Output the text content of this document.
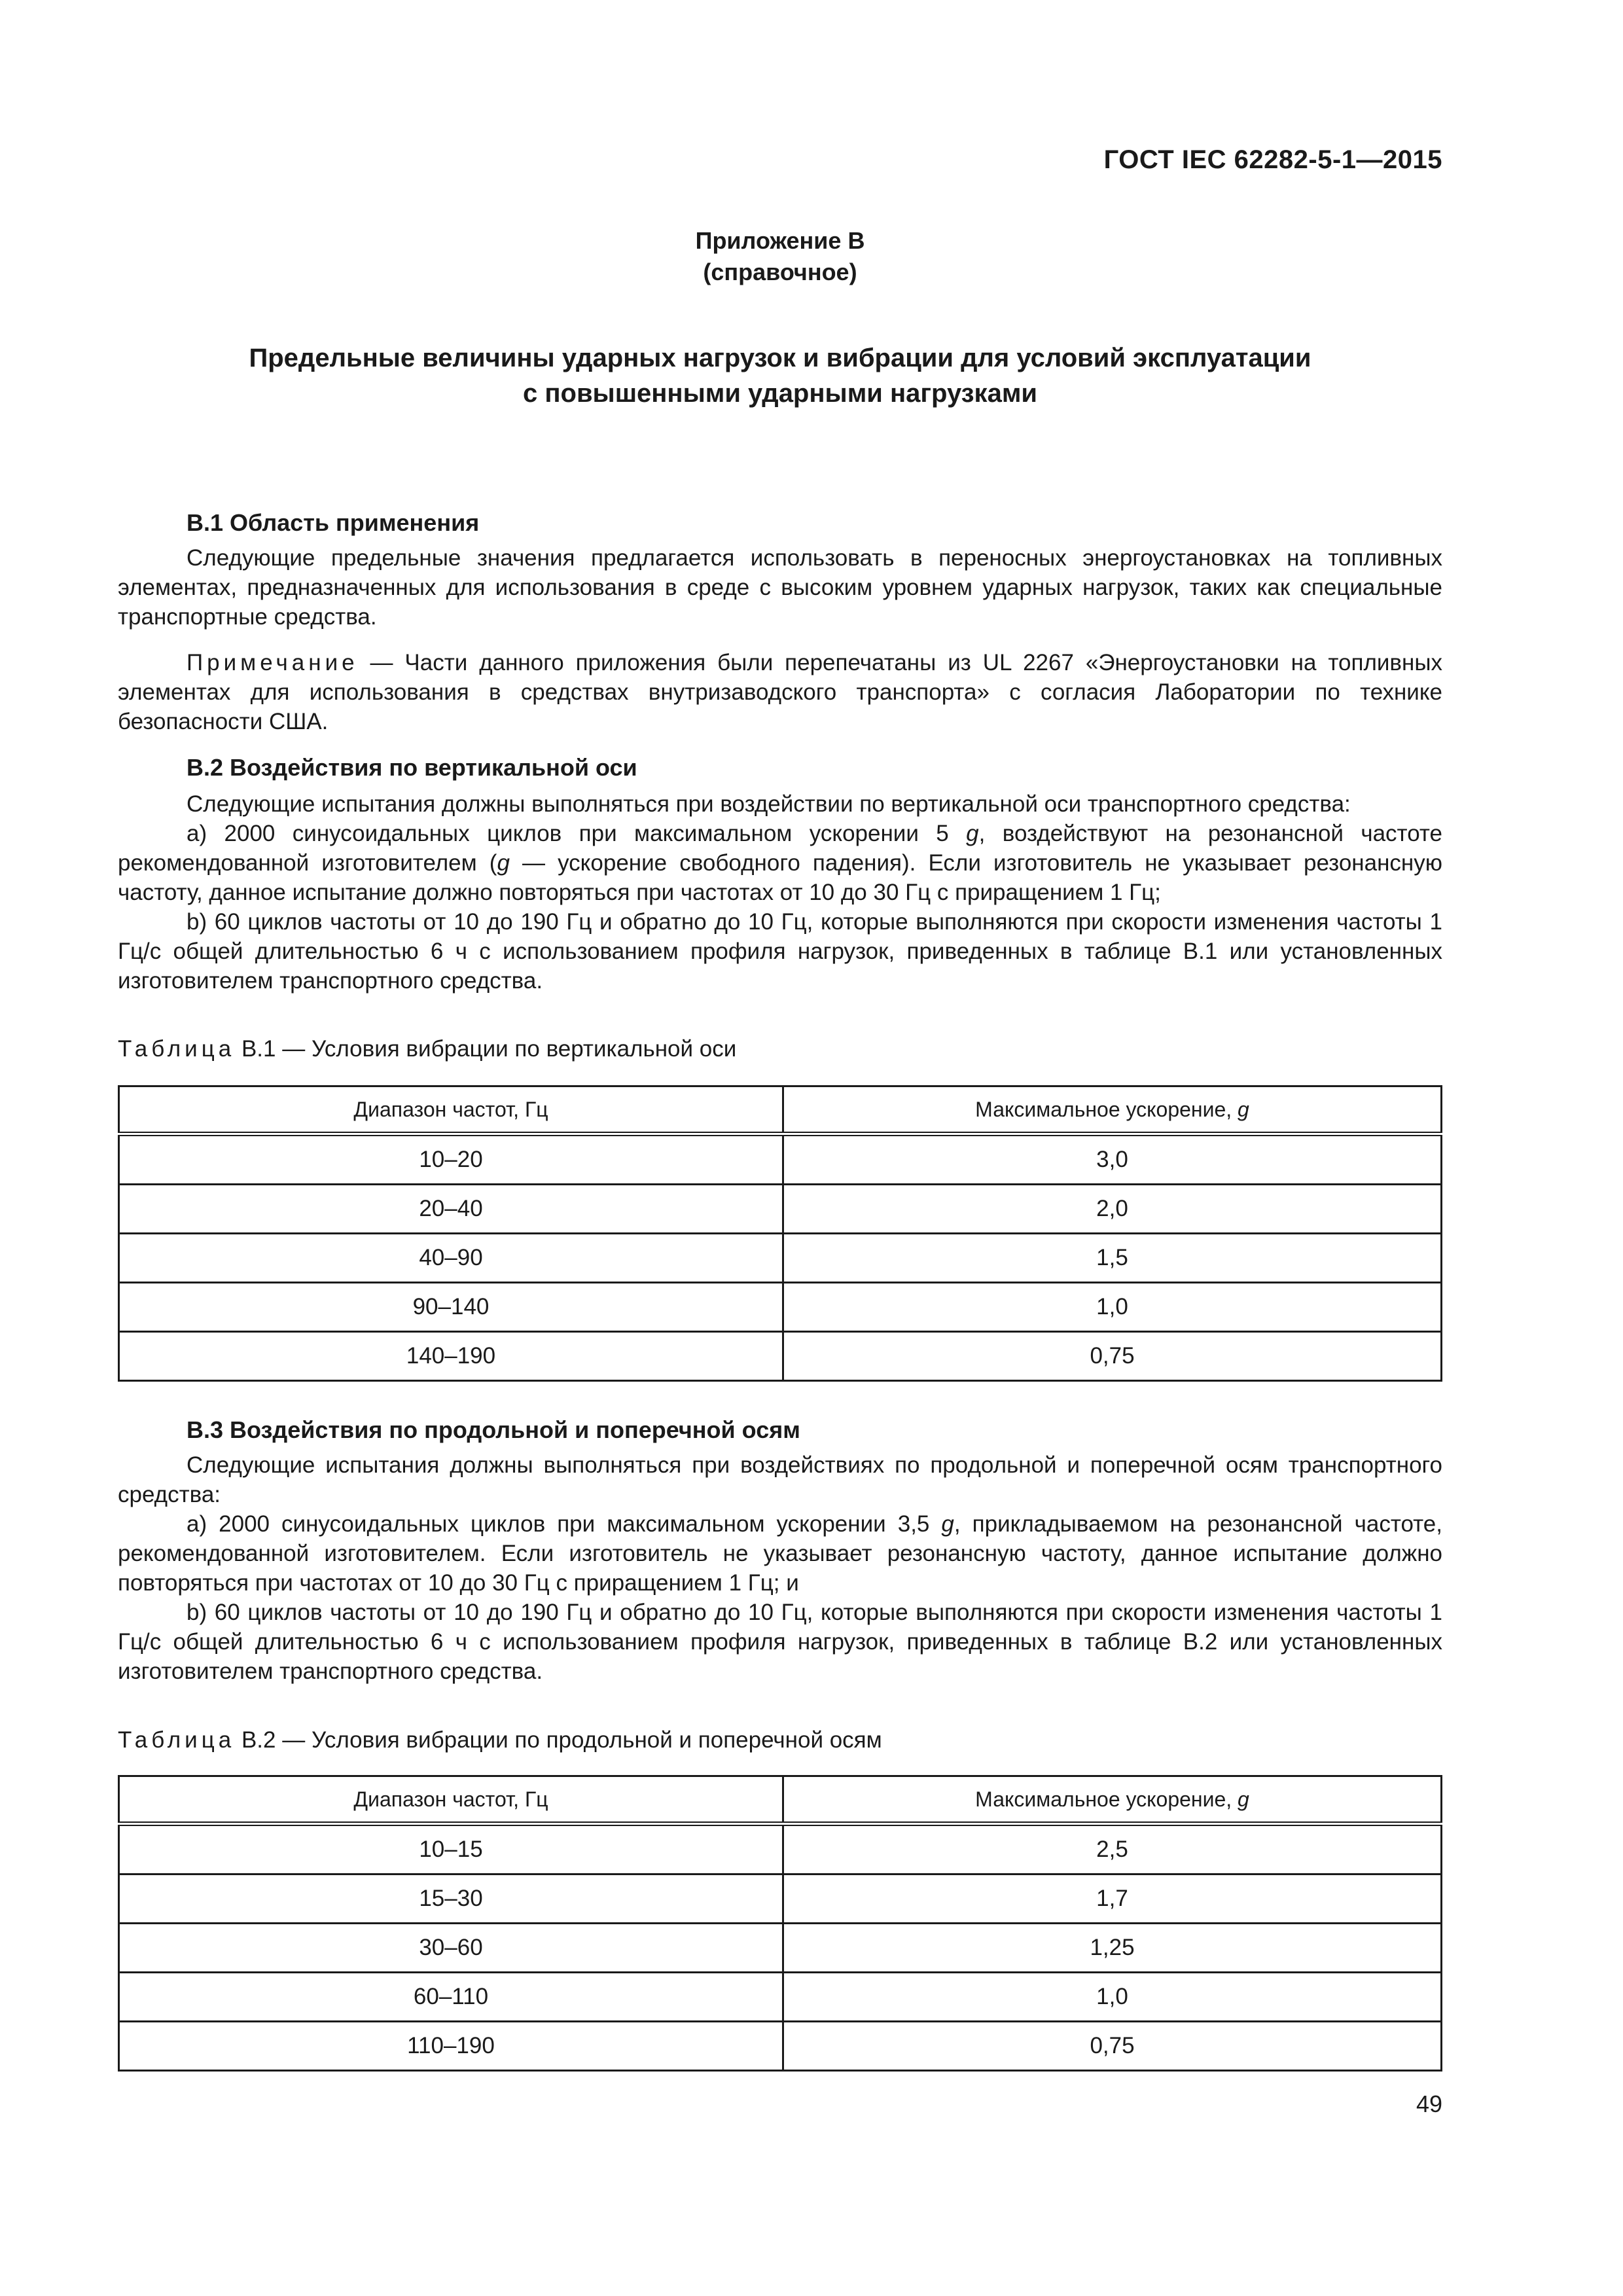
ГОСТ IEC 62282-5-1—2015
Приложение В
(справочное)
Предельные величины ударных нагрузок и вибрации для условий эксплуатации
с повышенными ударными нагрузками
В.1 Область применения
Следующие предельные значения предлагается использовать в переносных энергоустановках на топливных элементах, предназначенных для использования в среде с высоким уровнем ударных нагрузок, таких как специальные транспортные средства.
Примечание — Части данного приложения были перепечатаны из UL 2267 «Энергоустановки на топливных элементах для использования в средствах внутризаводского транспорта» с согласия Лаборатории по технике безопасности США.
В.2 Воздействия по вертикальной оси
Следующие испытания должны выполняться при воздействии по вертикальной оси транспортного средства:
a) 2000 синусоидальных циклов при максимальном ускорении 5 g, воздействуют на резонансной частоте рекомендованной изготовителем (g — ускорение свободного падения). Если изготовитель не указывает резонансную частоту, данное испытание должно повторяться при частотах от 10 до 30 Гц с приращением 1 Гц;
b) 60 циклов частоты от 10 до 190 Гц и обратно до 10 Гц, которые выполняются при скорости изменения частоты 1 Гц/с общей длительностью 6 ч с использованием профиля нагрузок, приведенных в таблице В.1 или установленных изготовителем транспортного средства.
Таблица В.1 — Условия вибрации по вертикальной оси
Диапазон частот, Гц	Максимальное ускорение, g
10–20	3,0
20–40	2,0
40–90	1,5
90–140	1,0
140–190	0,75
В.3 Воздействия по продольной и поперечной осям
Следующие испытания должны выполняться при воздействиях по продольной и поперечной осям транспортного средства:
a) 2000 синусоидальных циклов при максимальном ускорении 3,5 g, прикладываемом на резонансной частоте, рекомендованной изготовителем. Если изготовитель не указывает резонансную частоту, данное испытание должно повторяться при частотах от 10 до 30 Гц с приращением 1 Гц; и
b) 60 циклов частоты от 10 до 190 Гц и обратно до 10 Гц, которые выполняются при скорости изменения частоты 1 Гц/с общей длительностью 6 ч с использованием профиля нагрузок, приведенных в таблице В.2 или установленных изготовителем транспортного средства.
Таблица В.2 — Условия вибрации по продольной и поперечной осям
Диапазон частот, Гц	Максимальное ускорение, g
10–15	2,5
15–30	1,7
30–60	1,25
60–110	1,0
110–190	0,75
49
